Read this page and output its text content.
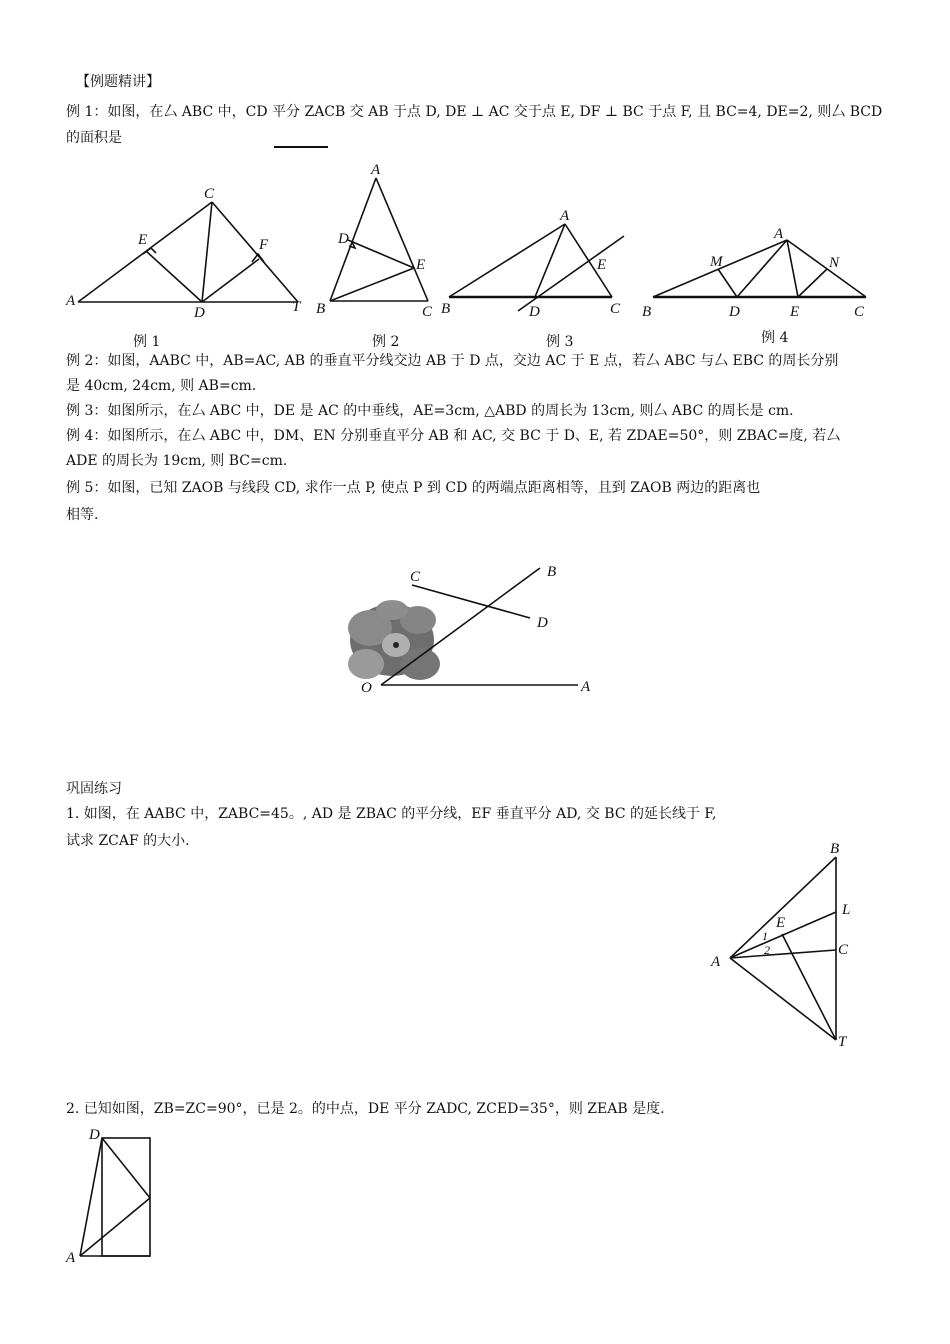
【例题精讲】
例 1：如图，在厶 ABC 中，CD 平分 ZACB 交 AB 于点 D, DE ⊥ AC 交于点 E, DF ⊥ BC 于点 F, 且 BC=4, DE=2, 则厶 BCD
的面积是
A
E
C
F
D	T
A
D
E
B	C
A
E
B	D	C
A
M	N
B	D	E	C
例 1	例 2	例 3	例 4
例 2：如图，AABC 中，AB=AC, AB 的垂直平分线交边 AB 于 D 点，交边 AC 于 E 点，若厶 ABC 与厶 EBC 的周长分别
是 40cm, 24cm, 则 AB=cm.
例 3：如图所示，在厶 ABC 中，DE 是 AC 的中垂线，AE=3cm, △ABD 的周长为 13cm, 则厶 ABC 的周长是 cm.
例 4：如图所示，在厶 ABC 中，DM、EN 分别垂直平分 AB 和 AC, 交 BC 于 D、E, 若 ZDAE=50°，则 ZBAC=度, 若厶
ADE 的周长为 19cm, 则 BC=cm.
例 5：如图，已知 ZAOB 与线段 CD, 求作一点 P, 使点 P 到 CD 的两端点距离相等，且到 ZAOB 两边的距离也
相等.
C	B
D
O	A
巩固练习
1. 如图，在 AABC 中，ZABC=45。, AD 是 ZBAC 的平分线，EF 垂直平分 AD, 交 BC 的延长线于 F,
试求 ZCAF 的大小.	B
L
E
1
2
A
C
T
2. 已知如图，ZB=ZC=90°，已是 2。的中点，DE 平分 ZADC, ZCED=35°，则 ZEAB 是度.
D
A
